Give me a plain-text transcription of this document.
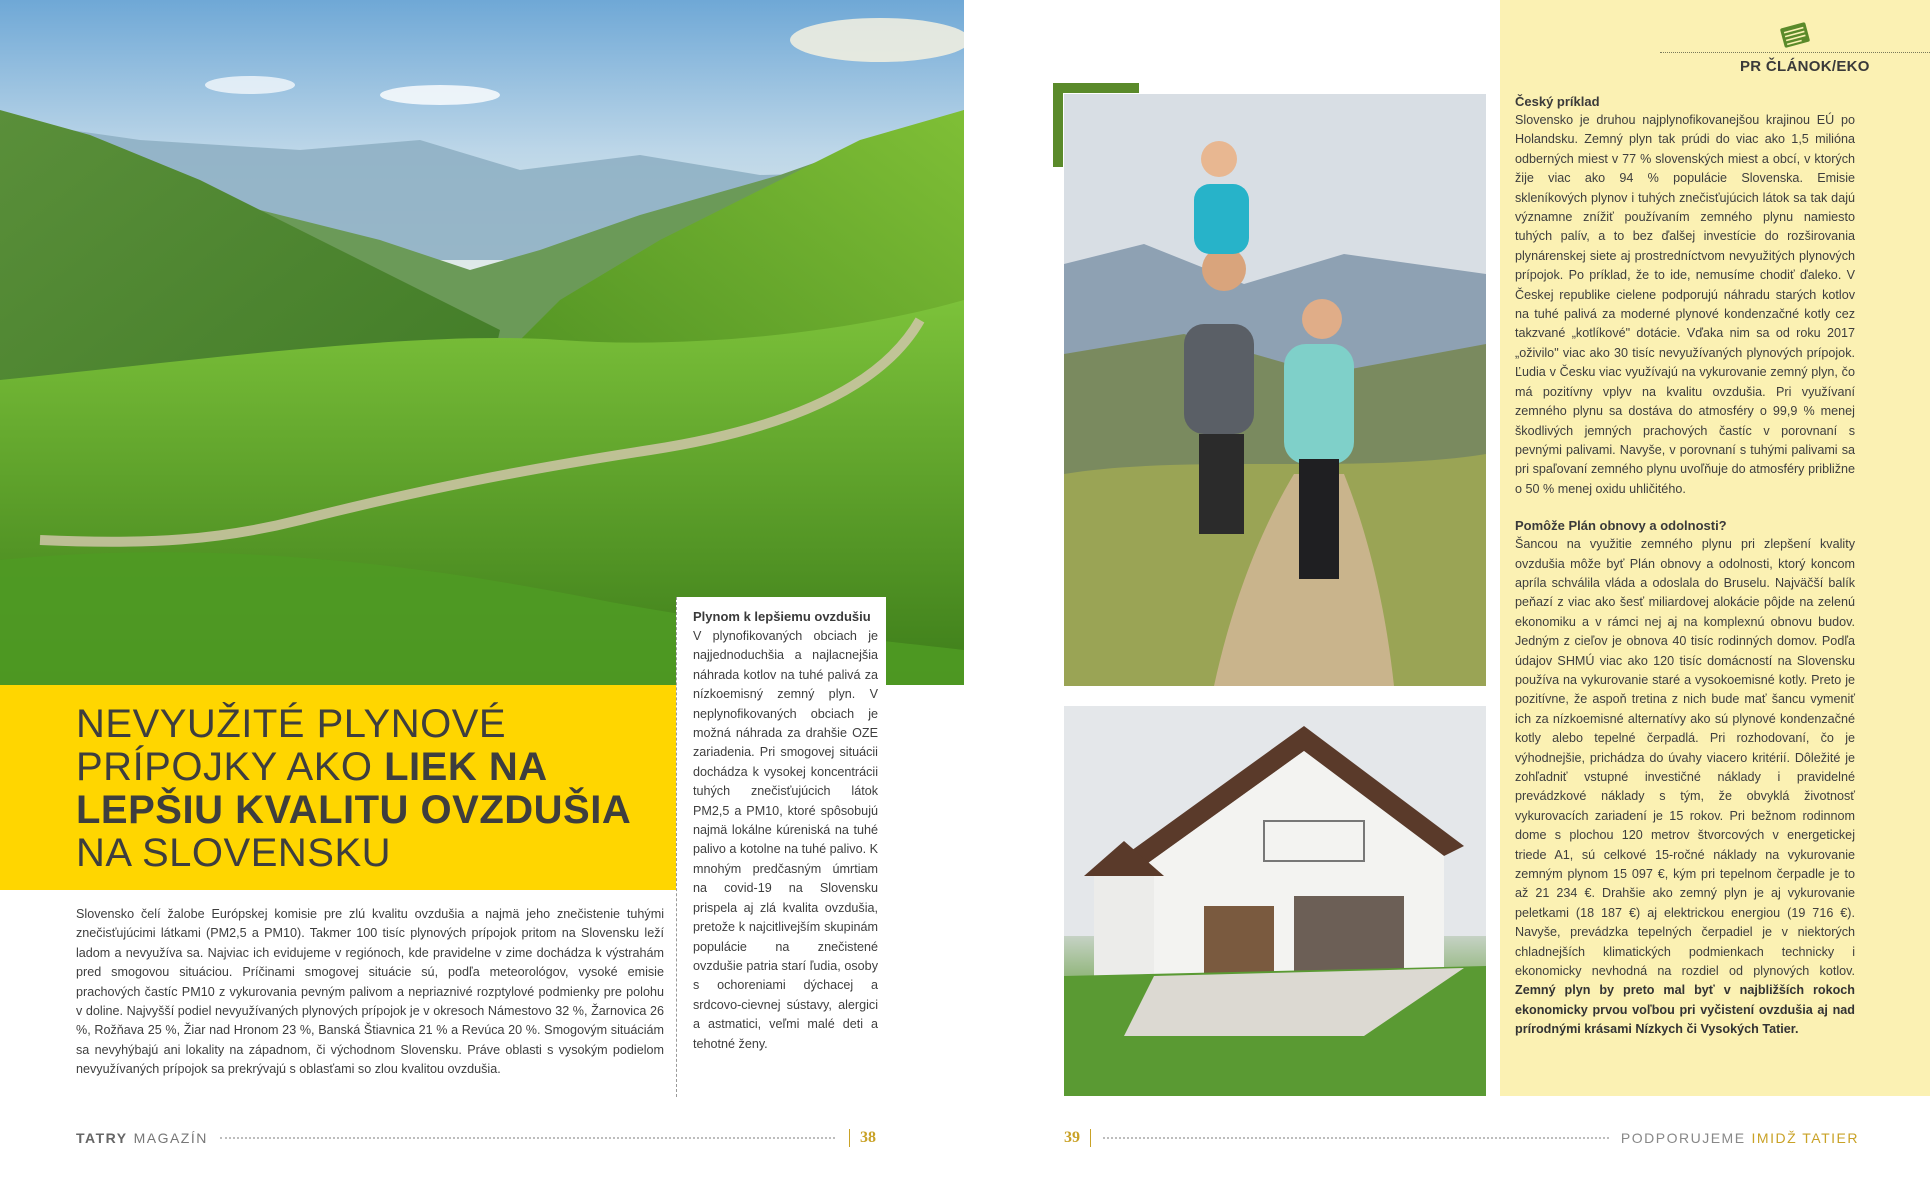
NEVYUŽITÉ PLYNOVÉ PRÍPOJKY AKO LIEK NA LEPŠIU KVALITU OVZDUŠIA NA SLOVENSKU

Slovensko čelí žalobe Európskej komisie pre zlú kvalitu ovzdušia a najmä jeho znečistenie tuhými znečisťujúcimi látkami (PM2,5 a PM10). Takmer 100 tisíc plynových prípojok pritom na Slovensku leží ladom a nevyužíva sa. Najviac ich evidujeme v regiónoch, kde pravidelne v zime dochádza k výstrahám pred smogovou situáciou. Príčinami smogovej situácie sú, podľa meteorológov, vysoké emisie prachových častíc PM10 z vykurovania pevným palivom a nepriaznivé rozptylové podmienky pre polohu v doline. Najvyšší podiel nevyužívaných plynových prípojok je v okresoch Námestovo 32 %, Žarnovica 26 %, Rožňava 25 %, Žiar nad Hronom 23 %, Banská Štiavnica 21 % a Revúca 20 %. Smogovým situáciám sa nevyhýbajú ani lokality na západnom, či východnom Slovensku. Práve oblasti s vysokým podielom nevyužívaných prípojok sa prekrývajú s oblasťami so zlou kvalitou ovzdušia.

Plynom k lepšiemu ovzdušiu

V plynofikovaných obciach je najjednoduchšia a najlacnejšia náhrada kotlov na tuhé palivá za nízkoemisný zemný plyn. V neplynofikovaných obciach je možná náhrada za drahšie OZE zariadenia. Pri smogovej situácii dochádza k vysokej koncentrácii tuhých znečisťujúcich látok PM2,5 a PM10, ktoré spôsobujú najmä lokálne kúreniská na tuhé palivo a kotolne na tuhé palivo. K mnohým predčasným úmrtiam na covid-19 na Slovensku prispela aj zlá kvalita ovzdušia, pretože k najcitlivejším skupinám populácie na znečistené ovzdušie patria starí ľudia, osoby s ochoreniami dýchacej a srdcovo-cievnej sústavy, alergici a astmatici, veľmi malé deti a tehotné ženy.

TATRY MAGAZÍN	38
PR ČLÁNOK/EKO
Český príklad

Slovensko je druhou najplynofikovanejšou krajinou EÚ po Holandsku. Zemný plyn tak prúdi do viac ako 1,5 milióna odberných miest v 77 % slovenských miest a obcí, v ktorých žije viac ako 94 % populácie Slovenska. Emisie skleníkových plynov i tuhých znečisťujúcich látok sa tak dajú významne znížiť používaním zemného plynu namiesto tuhých palív, a to bez ďalšej investície do rozširovania plynárenskej siete aj prostredníctvom nevyužitých plynových prípojok. Po príklad, že to ide, nemusíme chodiť ďaleko. V Českej republike cielene podporujú náhradu starých kotlov na tuhé palivá za moderné plynové kondenzačné kotly cez takzvané „kotlíkové" dotácie. Vďaka nim sa od roku 2017 „oživilo" viac ako 30 tisíc nevyužívaných plynových prípojok. Ľudia v Česku viac využívajú na vykurovanie zemný plyn, čo má pozitívny vplyv na kvalitu ovzdušia. Pri využívaní zemného plynu sa dostáva do atmosféry o 99,9 % menej škodlivých jemných prachových častíc v porovnaní s pevnými palivami. Navyše, v porovnaní s tuhými palivami sa pri spaľovaní zemného plynu uvoľňuje do atmosféry približne o 50 % menej oxidu uhličitého.

Pomôže Plán obnovy a odolnosti?

Šancou na využitie zemného plynu pri zlepšení kvality ovzdušia môže byť Plán obnovy a odolnosti, ktorý koncom apríla schválila vláda a odoslala do Bruselu. Najväčší balík peňazí z viac ako šesť miliardovej alokácie pôjde na zelenú ekonomiku a v rámci nej aj na komplexnú obnovu budov. Jedným z cieľov je obnova 40 tisíc rodinných domov. Podľa údajov SHMÚ viac ako 120 tisíc domácností na Slovensku používa na vykurovanie staré a vysokoemisné kotly. Preto je pozitívne, že aspoň tretina z nich bude mať šancu vymeniť ich za nízkoemisné alternatívy ako sú plynové kondenzačné kotly alebo tepelné čerpadlá. Pri rozhodovaní, čo je výhodnejšie, prichádza do úvahy viacero kritérií. Dôležité je zohľadniť vstupné investičné náklady i pravidelné prevádzkové náklady s tým, že obvyklá životnosť vykurovacích zariadení je 15 rokov. Pri bežnom rodinnom dome s plochou 120 metrov štvorcových v energetickej triede A1, sú celkové 15-ročné náklady na vykurovanie zemným plynom 15 097 €, kým pri tepelnom čerpadle je to až 21 234 €. Drahšie ako zemný plyn je aj vykurovanie peletkami (18 187 €) aj elektrickou energiou (19 716 €). Navyše, prevádzka tepelných čerpadiel je v niektorých chladnejších klimatických podmienkach technicky i ekonomicky nevhodná na rozdiel od plynových kotlov. Zemný plyn by preto mal byť v najbližších rokoch ekonomicky prvou voľbou pri vyčistení ovzdušia aj nad prírodnými krásami Nízkych či Vysokých Tatier.

39	PODPORUJEME IMIDŽ TATIER
